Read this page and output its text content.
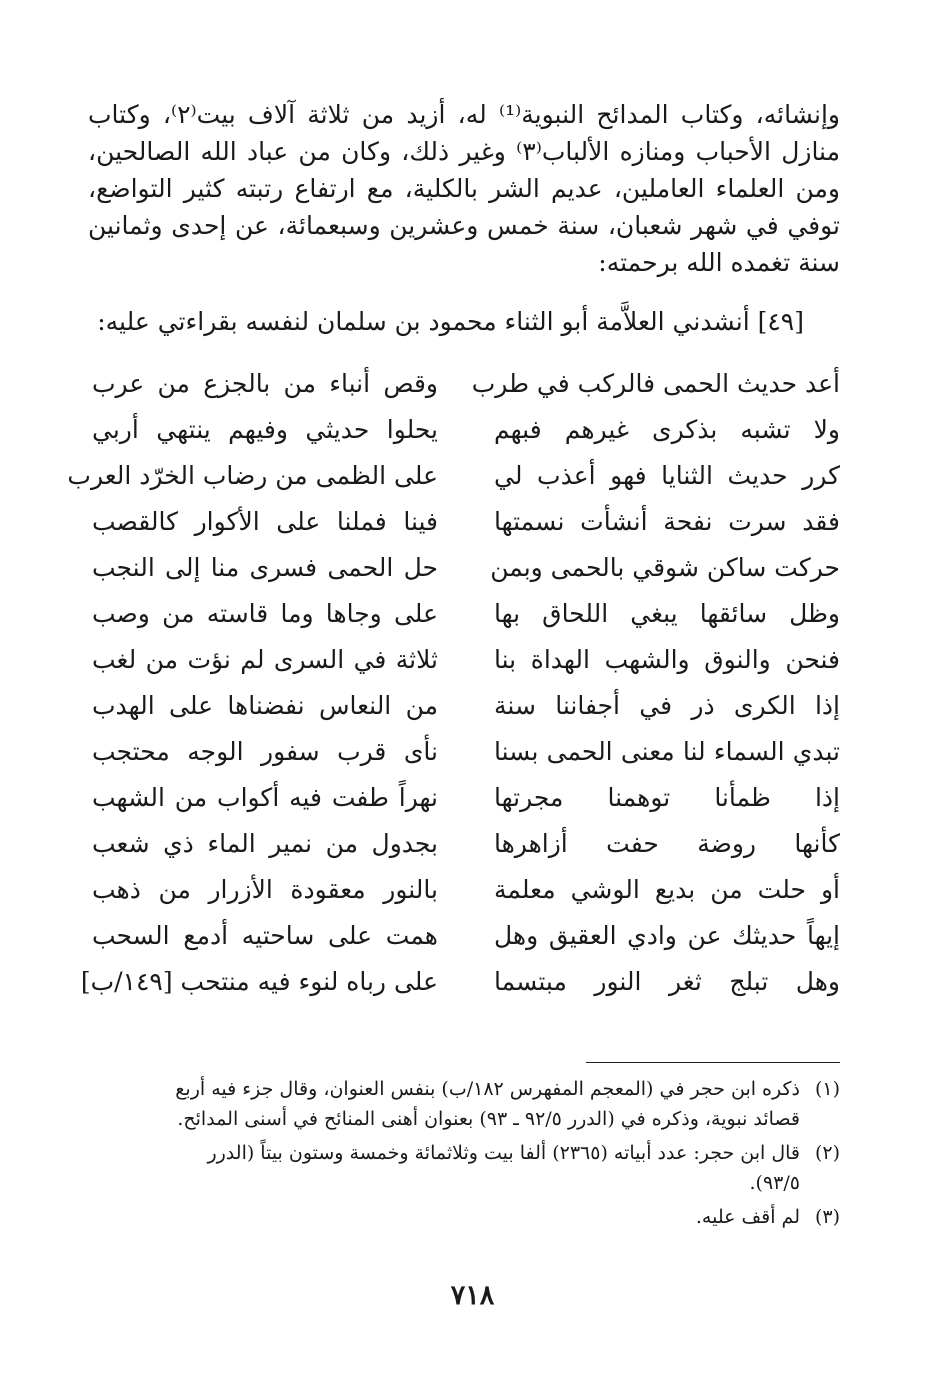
وإنشائه، وكتاب المدائح النبوية⁽¹⁾ له، أزيد من ثلاثة آلاف بيت⁽٢⁾، وكتاب
منازل الأحباب ومنازه الألباب⁽٣⁾ وغير ذلك، وكان من عباد الله الصالحين،
ومن العلماء العاملين، عديم الشر بالكلية، مع ارتفاع رتبته كثير التواضع،
توفي في شهر شعبان، سنة خمس وعشرين وسبعمائة، عن إحدى وثمانين
سنة تغمده الله برحمته:
[٤٩] أنشدني العلاَّمة أبو الثناء محمود بن سلمان لنفسه بقراءتي عليه:
أعد حديث الحمى فالركب في طرب
وقص أنباء من بالجزع من عرب
ولا تشبه بذكرى غيرهم فبهم
يحلوا حديثي وفيهم ينتهي أربي
كرر حديث الثنايا فهو أعذب لي
على الظمى من رضاب الخرّد العرب
فقد سرت نفحة أنشأت نسمتها
فينا فملنا على الأكوار كالقصب
حركت ساكن شوقي بالحمى وبمن
حل الحمى فسرى منا إلى النجب
وظل سائقها يبغي اللحاق بها
على وجاها وما قاسته من وصب
فنحن والنوق والشهب الهداة بنا
ثلاثة في السرى لم نؤت من لغب
إذا الكرى ذر في أجفاننا سنة
من النعاس نفضناها على الهدب
تبدي السماء لنا معنى الحمى بسنا
نأى قرب سفور الوجه محتجب
إذا ظمأنا توهمنا مجرتها
نهراً طفت فيه أكواب من الشهب
كأنها روضة حفت أزاهرها
بجدول من نمير الماء ذي شعب
أو حلت من بديع الوشي معلمة
بالنور معقودة الأزرار من ذهب
إيهاً حديثك عن وادي العقيق وهل
همت على ساحتيه أدمع السحب
وهل تبلج ثغر النور مبتسما
على رباه لنوء فيه منتحب [١٤٩/ب]
(١)
ذكره ابن حجر في (المعجم المفهرس ١٨٢/ب) بنفس العنوان، وقال جزء فيه أربع
قصائد نبوية، وذكره في (الدرر ٩٢/٥ ـ ٩٣) بعنوان أهنى المنائح في أسنى المدائح.
(٢)
قال ابن حجر: عدد أبياته (٢٣٦٥) ألفا بيت وثلاثمائة وخمسة وستون بيتاً (الدرر
٩٣/٥).
(٣)
لم أقف عليه.
٧١٨
